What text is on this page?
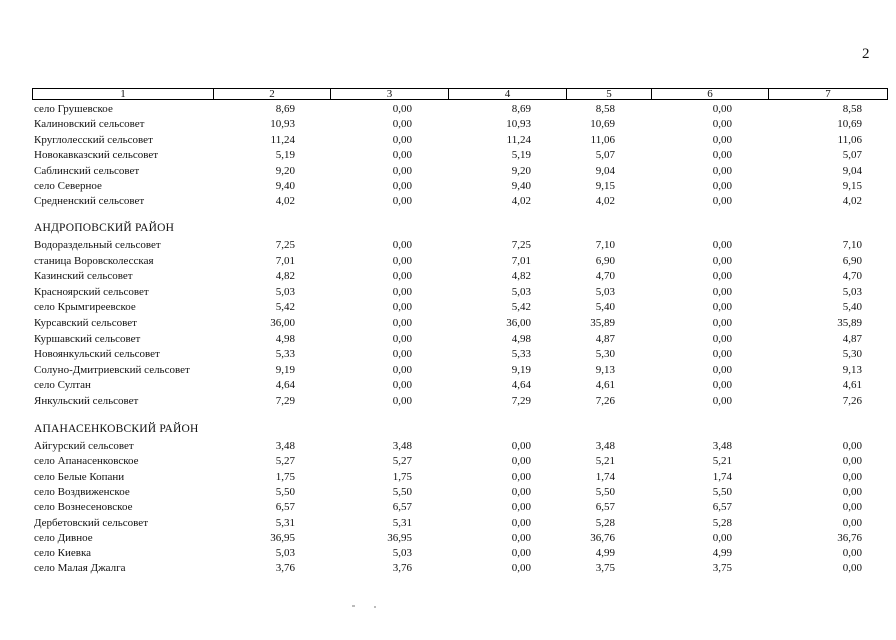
2
1	2	3	4	5	6	7
село Грушевское	8,69	0,00	8,69	8,58	0,00	8,58
Калиновский сельсовет	10,93	0,00	10,93	10,69	0,00	10,69
Круглолесский сельсовет	11,24	0,00	11,24	11,06	0,00	11,06
Новокавказский сельсовет	5,19	0,00	5,19	5,07	0,00	5,07
Саблинский сельсовет	9,20	0,00	9,20	9,04	0,00	9,04
село Северное	9,40	0,00	9,40	9,15	0,00	9,15
Средненский сельсовет	4,02	0,00	4,02	4,02	0,00	4,02
АНДРОПОВСКИЙ РАЙОН
Водораздельный сельсовет	7,25	0,00	7,25	7,10	0,00	7,10
станица Воровсколесская	7,01	0,00	7,01	6,90	0,00	6,90
Казинский сельсовет	4,82	0,00	4,82	4,70	0,00	4,70
Красноярский сельсовет	5,03	0,00	5,03	5,03	0,00	5,03
село Крымгиреевское	5,42	0,00	5,42	5,40	0,00	5,40
Курсавский сельсовет	36,00	0,00	36,00	35,89	0,00	35,89
Куршавский сельсовет	4,98	0,00	4,98	4,87	0,00	4,87
Новоянкульский сельсовет	5,33	0,00	5,33	5,30	0,00	5,30
Солуно-Дмитриевский сельсовет	9,19	0,00	9,19	9,13	0,00	9,13
село Султан	4,64	0,00	4,64	4,61	0,00	4,61
Янкульский сельсовет	7,29	0,00	7,29	7,26	0,00	7,26
АПАНАСЕНКОВСКИЙ РАЙОН
Айгурский сельсовет	3,48	3,48	0,00	3,48	3,48	0,00
село Апанасенковское	5,27	5,27	0,00	5,21	5,21	0,00
село Белые Копани	1,75	1,75	0,00	1,74	1,74	0,00
село Воздвиженское	5,50	5,50	0,00	5,50	5,50	0,00
село Вознесеновское	6,57	6,57	0,00	6,57	6,57	0,00
Дербетовский сельсовет	5,31	5,31	0,00	5,28	5,28	0,00
село Дивное	36,95	36,95	0,00	36,76	0,00	36,76
село Киевка	5,03	5,03	0,00	4,99	4,99	0,00
село Малая Джалга	3,76	3,76	0,00	3,75	3,75	0,00
